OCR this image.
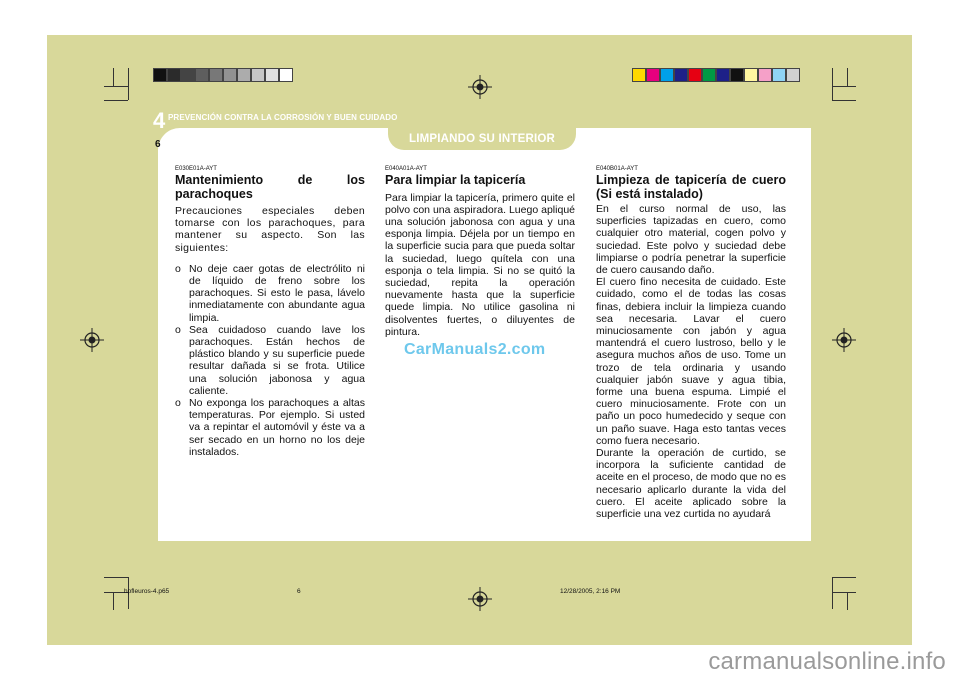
4 PREVENCIÓN CONTRA LA CORROSIÓN Y BUEN CUIDADO
6	LIMPIANDO SU INTERIOR
E030E01A-AYT
Mantenimiento de los parachoques
Precauciones especiales deben tomarse con los parachoques, para mantener su aspecto. Son las siguientes:
o No deje caer gotas de electrólito ni de líquido de freno sobre los parachoques. Si esto le pasa, lávelo inmediatamente con abundante agua limpia.
o Sea cuidadoso cuando lave los parachoques. Están hechos de plástico blando y su superficie puede resultar dañada si se frota. Utilice una solución jabonosa y agua caliente.
o No exponga los parachoques a altas temperaturas. Por ejemplo. Si usted va a repintar el automóvil y éste va a ser secado en un horno no los deje instalados.
E040A01A-AYT
Para limpiar la tapicería
Para limpiar la tapicería, primero quite el polvo con una aspiradora. Luego apliqué una solución jabonosa con agua y una esponja limpia. Déjela por un tiempo en la superficie sucia para que pueda soltar la suciedad, luego quítela con una esponja o tela limpia. Si no se quitó la suciedad, repita la operación nuevamente hasta que la superficie quede limpia. No utilice gasolina ni disolventes fuertes, o diluyentes de pintura.
CarManuals2.com
E040B01A-AYT
Limpieza de tapicería de cuero (Si está instalado)
En el curso normal de uso, las superficies tapizadas en cuero, como cualquier otro material, cogen polvo y suciedad. Este polvo y suciedad debe limpiarse o podría penetrar la superficie de cuero causando daño.
El cuero fino necesita de cuidado. Este cuidado, como el de todas las cosas finas, debiera incluir la limpieza cuando sea necesaria. Lavar el cuero minuciosamente con jabón y agua mantendrá el cuero lustroso, bello y le asegura muchos años de uso. Tome un trozo de tela ordinaria y usando cualquier jabón suave y agua tibia, forme una buena espuma. Limpié el cuero minuciosamente. Frote con un paño un poco humedecido y seque con un paño suave. Haga esto tantas veces como fuera necesario.
Durante la operación de curtido, se incorpora la suficiente cantidad de aceite en el proceso, de modo que no es necesario aplicarlo durante la vida del cuero. El aceite aplicado sobre la superficie una vez curtida no ayudará
hpfleuros-4.p65	6	12/28/2005, 2:16 PM
carmanualsonline.info
